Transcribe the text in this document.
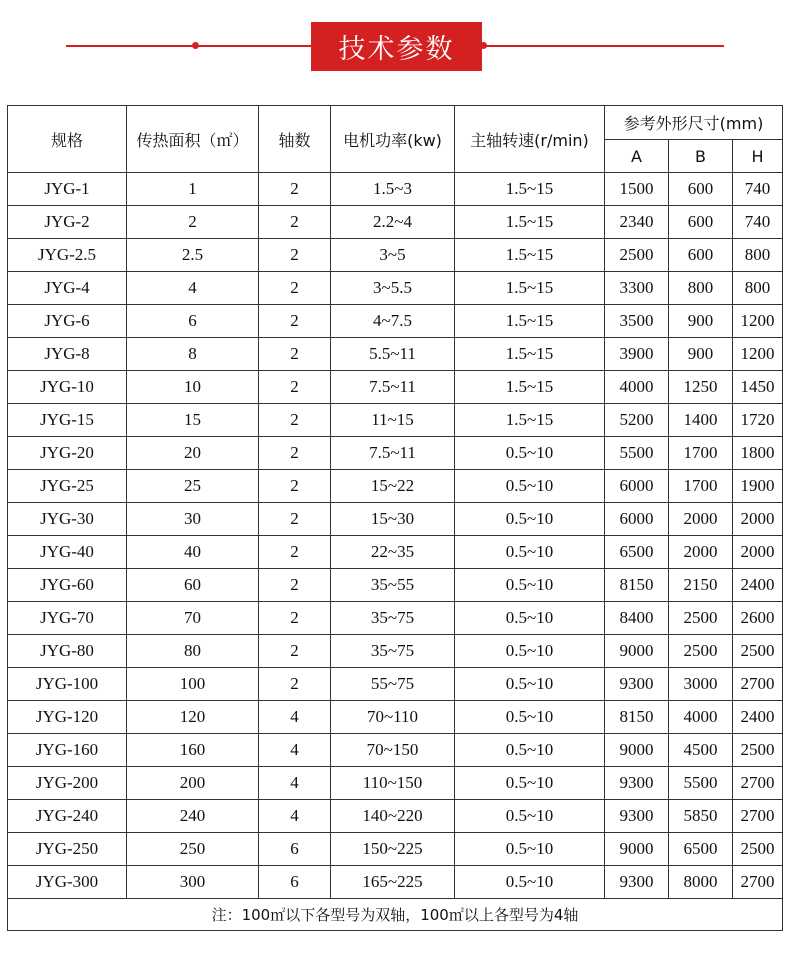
技术参数
规格	传热面积（㎡）	轴数	电机功率(kw)	主轴转速(r/min)	参考外形尺寸(mm)		
					A	B	H
JYG-1	1	2	1.5~3	1.5~15	1500	600	740
JYG-2	2	2	2.2~4	1.5~15	2340	600	740
JYG-2.5	2.5	2	3~5	1.5~15	2500	600	800
JYG-4	4	2	3~5.5	1.5~15	3300	800	800
JYG-6	6	2	4~7.5	1.5~15	3500	900	1200
JYG-8	8	2	5.5~11	1.5~15	3900	900	1200
JYG-10	10	2	7.5~11	1.5~15	4000	1250	1450
JYG-15	15	2	11~15	1.5~15	5200	1400	1720
JYG-20	20	2	7.5~11	0.5~10	5500	1700	1800
JYG-25	25	2	15~22	0.5~10	6000	1700	1900
JYG-30	30	2	15~30	0.5~10	6000	2000	2000
JYG-40	40	2	22~35	0.5~10	6500	2000	2000
JYG-60	60	2	35~55	0.5~10	8150	2150	2400
JYG-70	70	2	35~75	0.5~10	8400	2500	2600
JYG-80	80	2	35~75	0.5~10	9000	2500	2500
JYG-100	100	2	55~75	0.5~10	9300	3000	2700
JYG-120	120	4	70~110	0.5~10	8150	4000	2400
JYG-160	160	4	70~150	0.5~10	9000	4500	2500
JYG-200	200	4	110~150	0.5~10	9300	5500	2700
JYG-240	240	4	140~220	0.5~10	9300	5850	2700
JYG-250	250	6	150~225	0.5~10	9000	6500	2500
JYG-300	300	6	165~225	0.5~10	9300	8000	2700
注：100㎡以下各型号为双轴，100㎡以上各型号为4轴							
